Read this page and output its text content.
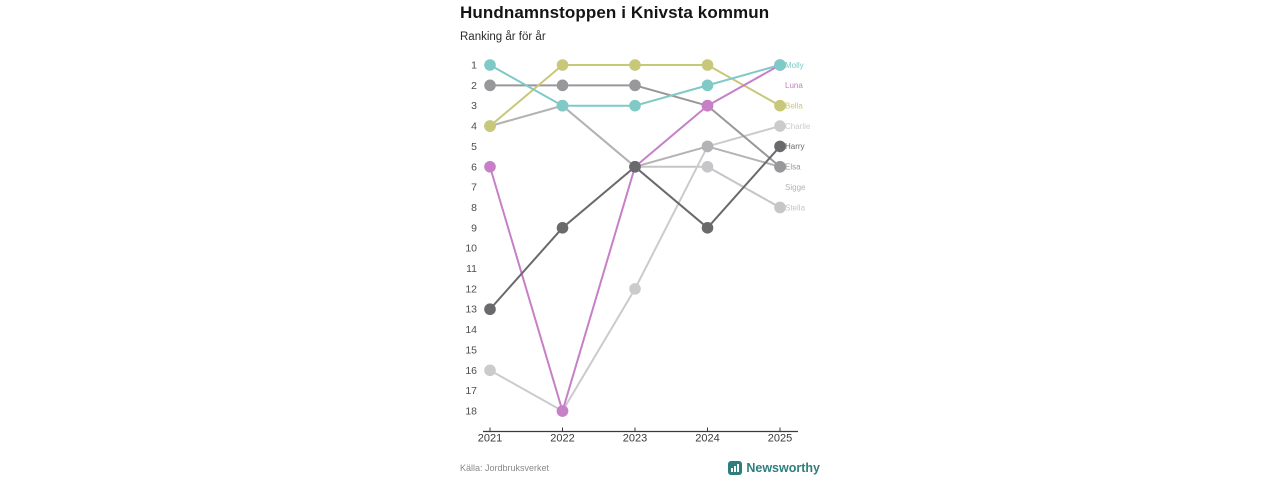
Hundnamnstoppen i Knivsta kommun
Ranking år för år
1
2
3
4
5
6
7
8
9
10
11
12
13
14
15
16
17
18
2021	2022	2023	2024	2025
Stella
Charlie
Sigge
Elsa
Bella
Luna
Harry
Molly
Källa: Jordbruksverket	Newsworthy
